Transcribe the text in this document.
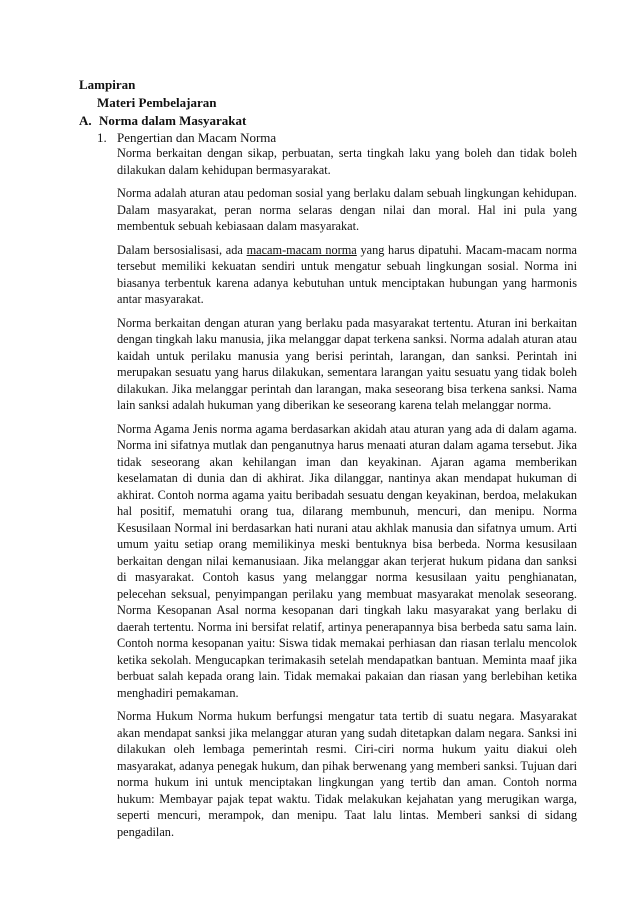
Lampiran

Materi Pembelajaran

A. Norma dalam Masyarakat

1. Pengertian dan Macam Norma

Norma berkaitan dengan sikap, perbuatan, serta tingkah laku yang boleh dan tidak boleh dilakukan dalam kehidupan bermasyarakat.

Norma adalah aturan atau pedoman sosial yang berlaku dalam sebuah lingkungan kehidupan. Dalam masyarakat, peran norma selaras dengan nilai dan moral. Hal ini pula yang membentuk sebuah kebiasaan dalam masyarakat.

Dalam bersosialisasi, ada macam-macam norma yang harus dipatuhi. Macam-macam norma tersebut memiliki kekuatan sendiri untuk mengatur sebuah lingkungan sosial. Norma ini biasanya terbentuk karena adanya kebutuhan untuk menciptakan hubungan yang harmonis antar masyarakat.

Norma berkaitan dengan aturan yang berlaku pada masyarakat tertentu. Aturan ini berkaitan dengan tingkah laku manusia, jika melanggar dapat terkena sanksi. Norma adalah aturan atau kaidah untuk perilaku manusia yang berisi perintah, larangan, dan sanksi. Perintah ini merupakan sesuatu yang harus dilakukan, sementara larangan yaitu sesuatu yang tidak boleh dilakukan. Jika melanggar perintah dan larangan, maka seseorang bisa terkena sanksi. Nama lain sanksi adalah hukuman yang diberikan ke seseorang karena telah melanggar norma.

Norma Agama Jenis norma agama berdasarkan akidah atau aturan yang ada di dalam agama. Norma ini sifatnya mutlak dan penganutnya harus menaati aturan dalam agama tersebut. Jika tidak seseorang akan kehilangan iman dan keyakinan. Ajaran agama memberikan keselamatan di dunia dan di akhirat. Jika dilanggar, nantinya akan mendapat hukuman di akhirat. Contoh norma agama yaitu beribadah sesuatu dengan keyakinan, berdoa, melakukan hal positif, mematuhi orang tua, dilarang membunuh, mencuri, dan menipu. Norma Kesusilaan Normal ini berdasarkan hati nurani atau akhlak manusia dan sifatnya umum. Arti umum yaitu setiap orang memilikinya meski bentuknya bisa berbeda. Norma kesusilaan berkaitan dengan nilai kemanusiaan. Jika melanggar akan terjerat hukum pidana dan sanksi di masyarakat. Contoh kasus yang melanggar norma kesusilaan yaitu penghianatan, pelecehan seksual, penyimpangan perilaku yang membuat masyarakat menolak seseorang. Norma Kesopanan Asal norma kesopanan dari tingkah laku masyarakat yang berlaku di daerah tertentu. Norma ini bersifat relatif, artinya penerapannya bisa berbeda satu sama lain. Contoh norma kesopanan yaitu: Siswa tidak memakai perhiasan dan riasan terlalu mencolok ketika sekolah. Mengucapkan terimakasih setelah mendapatkan bantuan. Meminta maaf jika berbuat salah kepada orang lain. Tidak memakai pakaian dan riasan yang berlebihan ketika menghadiri pemakaman.

Norma Hukum Norma hukum berfungsi mengatur tata tertib di suatu negara. Masyarakat akan mendapat sanksi jika melanggar aturan yang sudah ditetapkan dalam negara. Sanksi ini dilakukan oleh lembaga pemerintah resmi. Ciri-ciri norma hukum yaitu diakui oleh masyarakat, adanya penegak hukum, dan pihak berwenang yang memberi sanksi. Tujuan dari norma hukum ini untuk menciptakan lingkungan yang tertib dan aman. Contoh norma hukum: Membayar pajak tepat waktu. Tidak melakukan kejahatan yang merugikan warga, seperti mencuri, merampok, dan menipu. Taat lalu lintas. Memberi sanksi di sidang pengadilan.
